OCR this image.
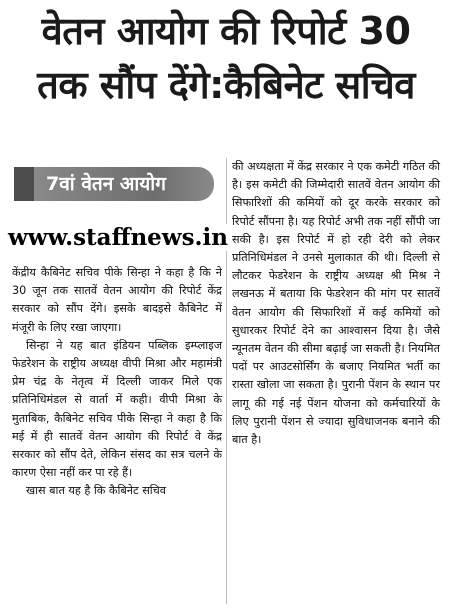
वेतन आयोग की रिपोर्ट 30
तक सौंप देंगे:कैबिनेट सचिव
7वां वेतन आयोग
www.staffnews.in

केंद्रीय कैबिनेट सचिव पीके सिन्हा ने कहा है कि ने 30 जून तक सातवें वेतन आयोग की रिपोर्ट केंद्र सरकार को सौंप देंगे। इसके बादइसे कैबिनेट में मंजूरी के लिए रखा जाएगा।

सिन्हा ने यह बात इंडियन पब्लिक इम्प्लाइज फेडरेशन के राष्ट्रीय अध्यक्ष वीपी मिश्रा और महामंत्री प्रेम चंद्र के नेतृत्व में दिल्ली जाकर मिले एक प्रतिनिधिमंडल से वार्ता में कही। वीपी मिश्रा के मुताबिक, कैबिनेट सचिव पीके सिन्हा ने कहा है कि मई में ही सातवें वेतन आयोग की रिपोर्ट वे केंद्र सरकार को सौंप देते, लेकिन संसद का सत्र चलने के कारण ऐसा नहीं कर पा रहे हैं।

खास बात यह है कि कैबिनेट सचिव

की अध्यक्षता में केंद्र सरकार ने एक कमेटी गठित की है। इस कमेटी की जिम्मेदारी सातवें वेतन आयोग की सिफारिशों की कमियों को दूर करके सरकार को रिपोर्ट सौंपना है। यह रिपोर्ट अभी तक नहीं सौंपी जा सकी है। इस रिपोर्ट में हो रही देरी को लेकर प्रतिनिधिमंडल ने उनसे मुलाकात की थी। दिल्ली से लौटकर फेडरेशन के राष्ट्रीय अध्यक्ष श्री मिश्र ने लखनऊ में बताया कि फेडरेशन की मांग पर सातवें वेतन आयोग की सिफारिशों में कई कमियों को सुधारकर रिपोर्ट देने का आश्वासन दिया है। जैसे न्यूनतम वेतन की सीमा बढ़ाई जा सकती है। नियमित पदों पर आउटसोर्सिंग के बजाए नियमित भर्ती का रास्ता खोला जा सकता है। पुरानी पेंशन के स्थान पर लागू की गई नई पेंशन योजना को कर्मचारियों के लिए पुरानी पेंशन से ज्यादा सुविधाजनक बनाने की बात है।
